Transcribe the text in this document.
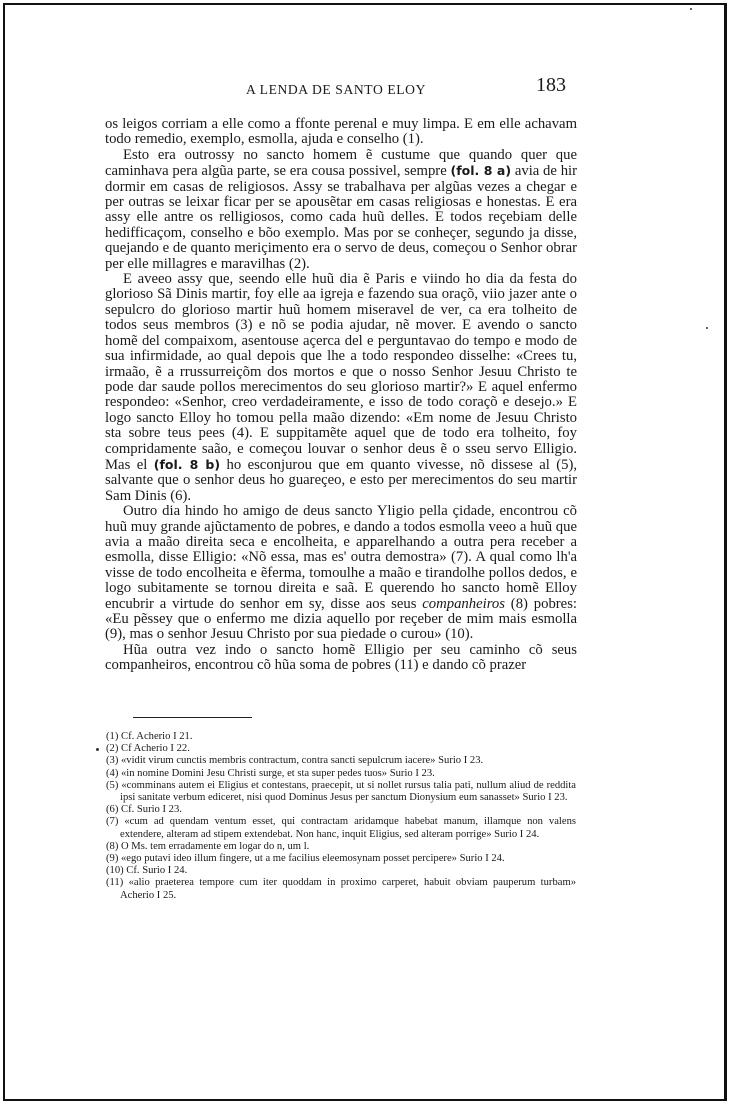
A LENDA DE SANTO ELOY	183

os leigos corriam a elle como a ffonte perenal e muy limpa. E em elle achavam todo remedio, exemplo, esmolla, ajuda e conselho (1).

Esto era outrossy no sancto homem ẽ custume que quando quer que caminhava pera algũa parte, se era cousa possivel, sempre (fol. 8 a) avia de hir dormir em casas de religiosos. Assy se trabalhava per algũas vezes a chegar e per outras se leixar ficar per se apousẽtar em casas religiosas e honestas. E era assy elle antre os relligiosos, como cada huũ delles. E todos reçebiam delle hedifficaçom, conselho e bõo exemplo. Mas por se conheçer, segundo ja disse, quejando e de quanto meriçimento era o servo de deus, começou o Senhor obrar per elle millagres e maravilhas (2).

E aveeo assy que, seendo elle huũ dia ẽ Paris e viindo ho dia da festa do glorioso Sã Dinis martir, foy elle aa igreja e fazendo sua oraçõ, viio jazer ante o sepulcro do glorioso martir huũ homem miseravel de ver, ca era tolheito de todos seus membros (3) e nõ se podia ajudar, nẽ mover. E avendo o sancto homẽ del compaixom, asentouse açerca del e perguntavao do tempo e modo de sua infirmidade, ao qual depois que lhe a todo respondeo disselhe: «Crees tu, irmaão, ẽ a rrussurreiçõm dos mortos e que o nosso Senhor Jesuu Christo te pode dar saude pollos merecimentos do seu glorioso martir?» E aquel enfermo respondeo: «Senhor, creo verdadeiramente, e isso de todo coraçõ e desejo.» E logo sancto Elloy ho tomou pella maão dizendo: «Em nome de Jesuu Christo sta sobre teus pees (4). E suppitamẽte aquel que de todo era tolheito, foy compridamente saão, e começou louvar o senhor deus ẽ o sseu servo Elligio. Mas el (fol. 8 b) ho esconjurou que em quanto vivesse, nõ dissese al (5), salvante que o senhor deus ho guareçeo, e esto per merecimentos do seu martir Sam Dinis (6).

Outro dia hindo ho amigo de deus sancto Yligio pella çidade, encontrou cõ huũ muy grande ajũctamento de pobres, e dando a todos esmolla veeo a huũ que avia a maão direita seca e encolheita, e apparelhando a outra pera receber a esmolla, disse Elligio: «Nõ essa, mas es' outra demostra» (7). A qual como lh'a visse de todo encolheita e ẽferma, tomoulhe a maão e tirandolhe pollos dedos, e logo subitamente se tornou direita e saã. E querendo ho sancto homẽ Elloy encubrir a virtude do senhor em sy, disse aos seus companheiros (8) pobres: «Eu pẽssey que o enfermo me dizia aquello por reçeber de mim mais esmolla (9), mas o senhor Jesuu Christo por sua piedade o curou» (10).

Hũa outra vez indo o sancto homẽ Elligio per seu caminho cõ seus companheiros, encontrou cõ hũa soma de pobres (11) e dando cõ prazer

(1) Cf. Acherio I 21.

(2) Cf Acherio I 22.

(3) «vidit virum cunctis membris contractum, contra sancti sepulcrum iacere» Surio I 23.

(4) «in nomine Domini Jesu Christi surge, et sta super pedes tuos» Surio I 23.

(5) «comminans autem ei Eligius et contestans, praecepit, ut si nollet rursus talia pati, nullum aliud de reddita ipsi sanitate verbum ediceret, nisi quod Dominus Jesus per sanctum Dionysium eum sanasset» Surio I 23.

(6) Cf. Surio I 23.

(7) «cum ad quendam ventum esset, qui contractam aridamque habebat manum, illamque non valens extendere, alteram ad stipem extendebat. Non hanc, inquit Eligius, sed alteram porrige» Surio I 24.

(8) O Ms. tem erradamente em logar do n, um l.

(9) «ego putavi ideo illum fingere, ut a me facilius eleemosynam posset percipere» Surio I 24.

(10) Cf. Surio I 24.

(11) «alio praeterea tempore cum iter quoddam in proximo carperet, habuit obviam pauperum turbam» Acherio I 25.
